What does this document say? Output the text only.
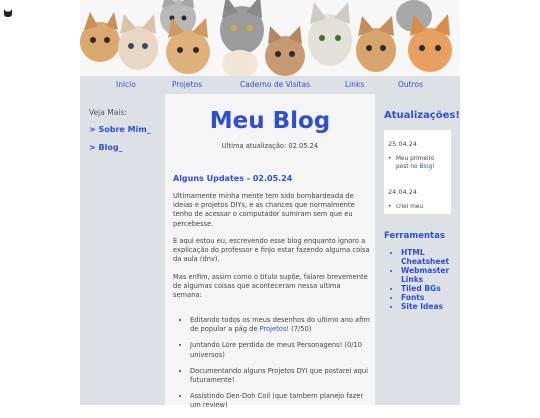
Inicio	Projetos	Caderno de Visitas	Links	Outros
Veja Mais:
> Sobre Mim_
> Blog_
Meu Blog
Ultima atualização: 02.05.24
Alguns Updates - 02.05.24

Ultimamente minha mente tem sido bombardeada de ideias e projetos DIYs, e as chances que normalmente tenho de acessar o computador sumiram sem que eu percebesse.

E aqui estou eu, escrevendo esse blog enquanto ignoro a explicação do professor e finjo estar fazendo alguma coisa da aula (dnv).

Mas enfim, assim como o titulo supõe, falarei brevemente de algumas coisas que aconteceram nessa ultima semana:

• Editando todos os meus desenhos do ultimo ano afim de popular a pág de Projetos! (7/50)
• Juntando Lore perdida de meus Personagens! (0/10 universos)
• Documentando alguns Projetos DYI que postarei aqui futuramente!
• Assistindo Den-Doh Coil (que tambem planejo fazer um review)
Atualizações!
25.04.24

• Meu primeiro post no Blog!

24.04.24

• criei meu

Ferramentas
• HTML Cheatsheet
• Webmaster Links
• Tiled BGs
• Fonts
• Site Ideas
